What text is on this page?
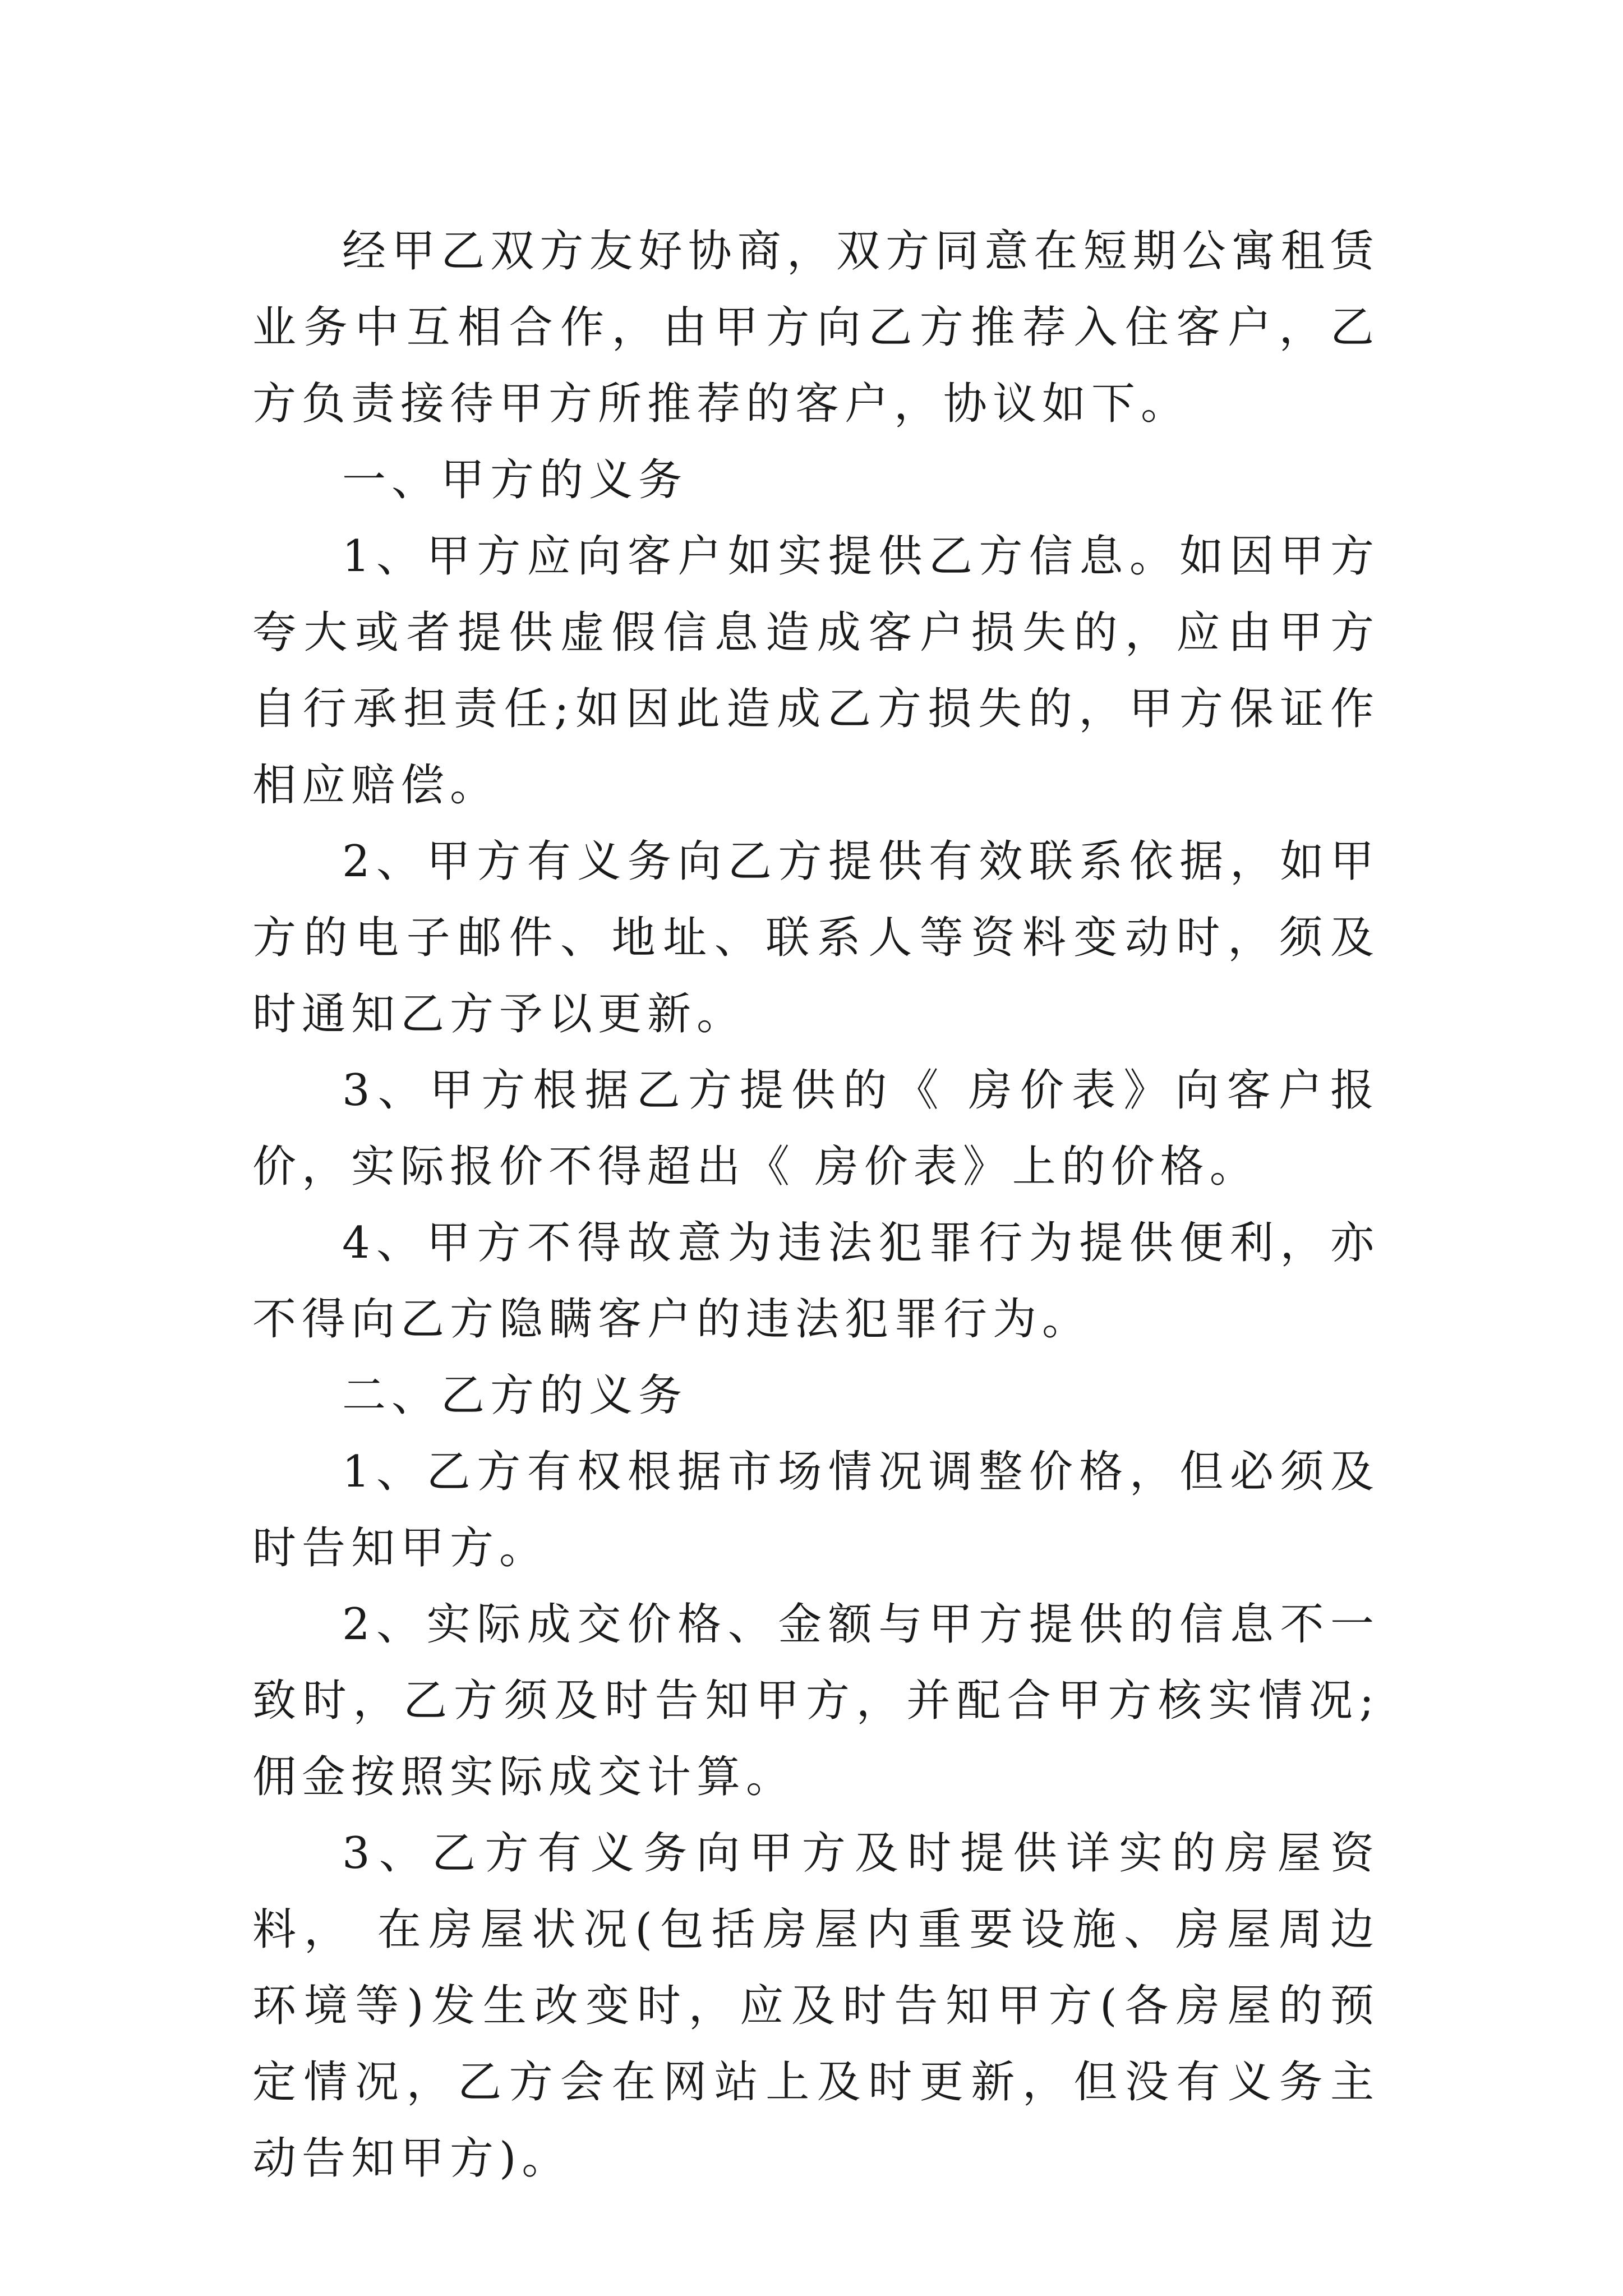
经甲乙双方友好协商，双方同意在短期公寓租赁业务中互相合作，由甲方向乙方推荐入住客户，乙方负责接待甲方所推荐的客户，协议如下。

一、甲方的义务

1、甲方应向客户如实提供乙方信息。如因甲方夸大或者提供虚假信息造成客户损失的，应由甲方自行承担责任;如因此造成乙方损失的，甲方保证作相应赔偿。

2、甲方有义务向乙方提供有效联系依据，如甲方的电子邮件、地址、联系人等资料变动时，须及时通知乙方予以更新。

3、甲方根据乙方提供的《 房价表》向客户报价，实际报价不得超出《 房价表》上的价格。

4、甲方不得故意为违法犯罪行为提供便利，亦不得向乙方隐瞒客户的违法犯罪行为。

二、乙方的义务

1、乙方有权根据市场情况调整价格，但必须及时告知甲方。

2、实际成交价格、金额与甲方提供的信息不一致时，乙方须及时告知甲方，并配合甲方核实情况;佣金按照实际成交计算。

3、乙方有义务向甲方及时提供详实的房屋资料， 在房屋状况(包括房屋内重要设施、房屋周边环境等)发生改变时，应及时告知甲方(各房屋的预定情况，乙方会在网站上及时更新，但没有义务主动告知甲方)。
